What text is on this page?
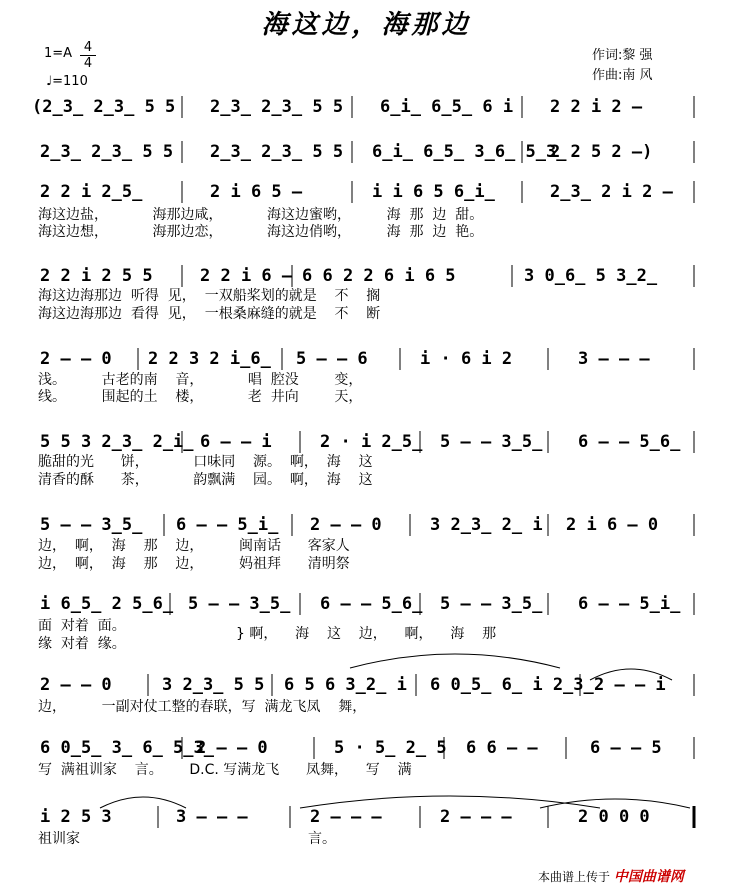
海这边，海那边
1=A 4
4
♩=110
作词:黎 强
作曲:南 风
(2̲3̲ 2̲3̲ 5 5 2̲3̲ 2̲3̲ 5 5 6̲i̲ 6̲5̲ 6 i 2 2 i 2 –
2̲3̲ 2̲3̲ 5 5 2̲3̲ 2̲3̲ 5 5 6̲i̲ 6̲5̲ 3̲6̲ 5̲3̲
2 2 5 2 –)
2 2 i 2̲5̲	2 i 6 5 –	i i 6 5 6̲i̲	2̲3̲ 2 i 2 –
2 2 i 2 5 5	2 2 i 6 – 6 6 2 2 6 i 6 5	3 0̲6̲ 5 3̲2̲
2 – – 0 2 2 3 2 i̲6̲ 5 – – 6	i · 6 i 2	3 – – –
5 5 3 2̲3̲ 2̲i̲ 6 – – i	2 · i 2̲5̲ 5 – – 3̲5̲ 6 – – 5̲6̲
5 – – 3̲5̲ 6 – – 5̲i̲ 2 – – 0	3 2̲3̲ 2̲ i 2 i 6 – 0
i 6̲5̲ 2 5̲6̲ 5 – – 3̲5̲ 6 – – 5̲6̲ 5 – – 3̲5̲ 6 – – 5̲i̲
2 – – 0	3 2̲3̲ 5 5 6 5 6 3̲2̲ i 6 0̲5̲ 6̲ i 2̲3̲ 2 – – i
6 0̲5̲ 3̲ 6̲ 5̲3̲
2 – – 0	5 · 5̲ 2̲ 5 6 6 – –	6 – – 5
i 2 5 3	3 – – –	2 – – –	2 – – –	2 0 0 0
海这边盐，          海那边咸，          海这边蜜哟，        海  那  边  甜。
海这边想，          海那边恋，          海这边俏哟，        海  那  边  艳。
海这边海那边  听得  见，  一双船桨划的就是    不    搁
海这边海那边  看得  见，  一根桑麻缝的就是    不    断
浅。        古老的南    音，          唱  腔没        变，
线。        围起的土    楼，          老  井向        天，
脆甜的光      饼，          口味同    源。  啊，  海    这
清香的酥      茶，          韵飘满    园。  啊，  海    这
边，  啊，  海    那    边，        闽南话      客家人
边，  啊，  海    那    边，        妈祖拜      清明祭
面  对着  面。
缘  对着  缘。
} 啊，    海    这    边，    啊，    海    那
边，        一副对仗工整的春联，写  满龙飞凤    舞，
写  满祖训家    言。      D.C. 写满龙飞      凤舞，    写    满
祖训家	言。
本曲谱上传于 中国曲谱网
